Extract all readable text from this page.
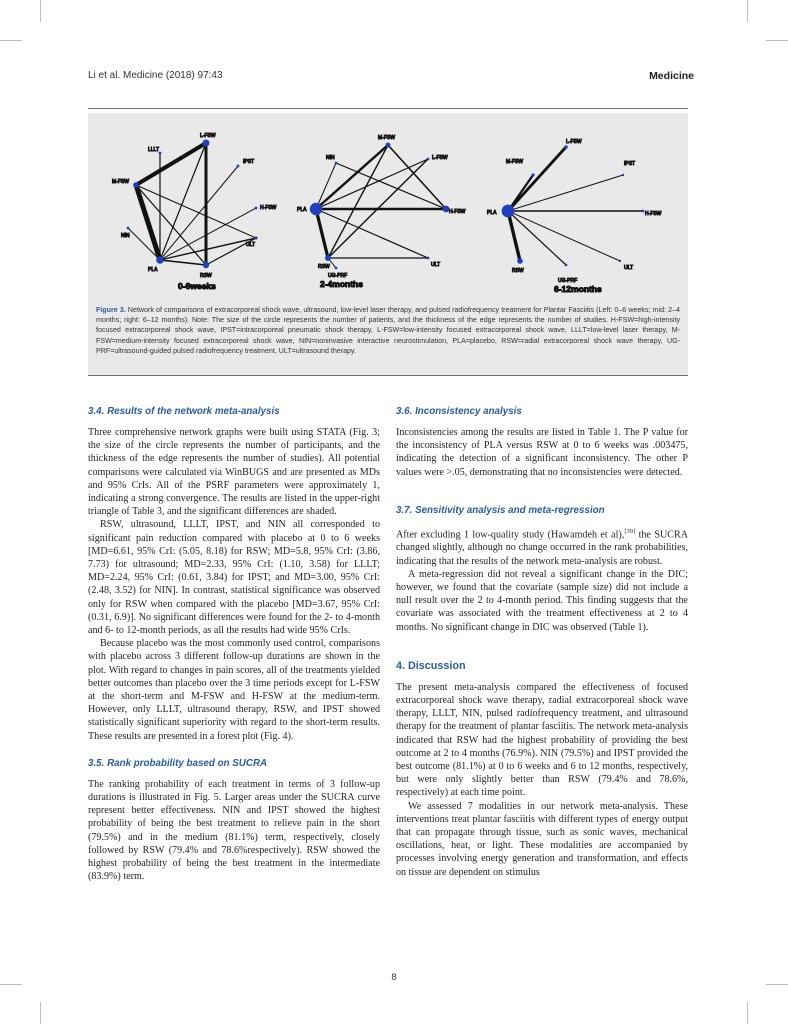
Li et al. Medicine (2018) 97:43	Medicine
LLLT
L-FSW
IPST
M-FSW
H-FSW
NIN
ULT
PLA
RSW
0-6weeks
M-FSW
NIN	L-FSW
PLA	H-FSW
RSW	ULT
UG-PRF
2-4months
L-FSW
M-FSW	IPST
PLA	H-FSW
RSW	ULT
UG-PRF
6-12months
Figure 3. Network of comparisons of extracorporeal shock wave, ultrasound, low-level laser therapy, and pulsed radiofrequency treatment for Plantar Fasciitis (Left: 0–6 weeks; mid: 2–4 months; right: 6–12 months). Note: The size of the circle represents the number of patients, and the thickness of the edge represents the number of studies. H-FSW=high-intensity focused extracorporeal shock wave, IPST=intracorporeal pneumatic shock therapy, L-FSW=low-intensity focused extracorporeal shock wave, LLLT=low-level laser therapy, M-FSW=medium-intensity focused extracorporeal shock wave, NIN=noninvasive interactive neurostimulation, PLA=placebo, RSW=radial extracorporeal shock wave therapy, UG-PRF=ultrasound-guided pulsed radiofrequency treatment, ULT=ultrasound therapy.
3.4. Results of the network meta-analysis

Three comprehensive network graphs were built using STATA (Fig. 3; the size of the circle represents the number of participants, and the thickness of the edge represents the number of studies). All potential comparisons were calculated via WinBUGS and are presented as MDs and 95% CrIs. All of the PSRF parameters were approximately 1, indicating a strong convergence. The results are listed in the upper-right triangle of Table 3, and the significant differences are shaded.

RSW, ultrasound, LLLT, IPST, and NIN all corresponded to significant pain reduction compared with placebo at 0 to 6 weeks [MD=6.61, 95% CrI: (5.05, 8.18) for RSW; MD=5.8, 95% CrI: (3.86, 7.73) for ultrasound; MD=2.33, 95% CrI: (1.10, 3.58) for LLLT; MD=2.24, 95% CrI: (0.61, 3.84) for IPST; and MD=3.00, 95% CrI: (2.48, 3.52) for NIN]. In contrast, statistical significance was observed only for RSW when compared with the placebo [MD=3.67, 95% CrI: (0.31, 6.9)]. No significant differences were found for the 2- to 4-month and 6- to 12-month periods, as all the results had wide 95% CrIs.

Because placebo was the most commonly used control, comparisons with placebo across 3 different follow-up durations are shown in the plot. With regard to changes in pain scores, all of the treatments yielded better outcomes than placebo over the 3 time periods except for L-FSW at the short-term and M-FSW and H-FSW at the medium-term. However, only LLLT, ultrasound therapy, RSW, and IPST showed statistically significant superiority with regard to the short-term results. These results are presented in a forest plot (Fig. 4).

3.5. Rank probability based on SUCRA

The ranking probability of each treatment in terms of 3 follow-up durations is illustrated in Fig. 5. Larger areas under the SUCRA curve represent better effectiveness. NIN and IPST showed the highest probability of being the best treatment to relieve pain in the short (79.5%) and in the medium (81.1%) term, respectively, closely followed by RSW (79.4% and 78.6%respectively). RSW showed the highest probability of being the best treatment in the intermediate (83.9%) term.

3.6. Inconsistency analysis

Inconsistencies among the results are listed in Table 1. The P value for the inconsistency of PLA versus RSW at 0 to 6 weeks was .003475, indicating the detection of a significant inconsistency. The other P values were >.05, demonstrating that no inconsistencies were detected.

3.7. Sensitivity analysis and meta-regression

After excluding 1 low-quality study (Hawamdeh et al),[39] the SUCRA changed slightly, although no change occurred in the rank probabilities, indicating that the results of the network meta-analysis are robust.

A meta-regression did not reveal a significant change in the DIC; however, we found that the covariate (sample size) did not include a null result over the 2 to 4-month period. This finding suggests that the covariate was associated with the treatment effectiveness at 2 to 4 months. No significant change in DIC was observed (Table 1).

4. Discussion

The present meta-analysis compared the effectiveness of focused extracorporeal shock wave therapy, radial extracorporeal shock wave therapy, LLLT, NIN, pulsed radiofrequency treatment, and ultrasound therapy for the treatment of plantar fasciitis. The network meta-analysis indicated that RSW had the highest probability of providing the best outcome at 2 to 4 months (76.9%). NIN (79.5%) and IPST provided the best outcome (81.1%) at 0 to 6 weeks and 6 to 12 months, respectively, but were only slightly better than RSW (79.4% and 78.6%, respectively) at each time point.

We assessed 7 modalities in our network meta-analysis. These interventions treat plantar fasciitis with different types of energy output that can propagate through tissue, such as sonic waves, mechanical oscillations, heat, or light. These modalities are accompanied by processes involving energy generation and transformation, and effects on tissue are dependent on stimulus

8
